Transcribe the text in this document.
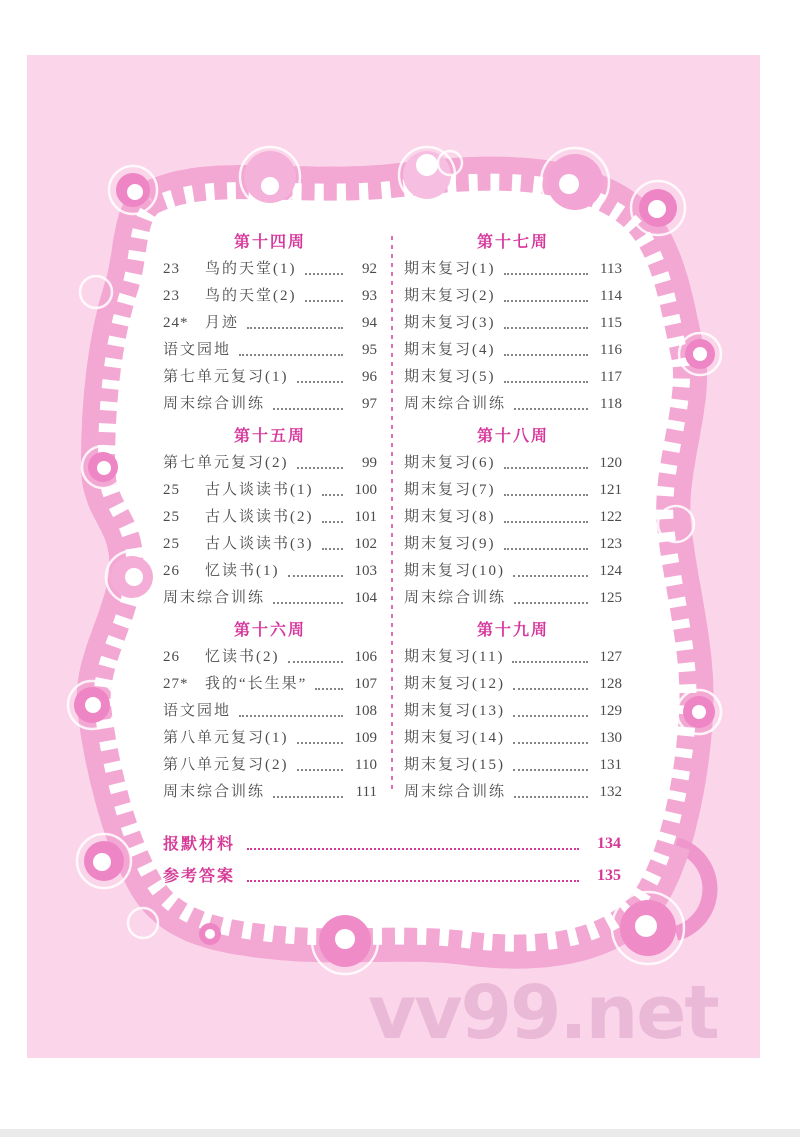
第十四周
23	鸟的天堂(1)	92
23	鸟的天堂(2)	93
24*	月迹	94
语文园地	95
第七单元复习(1)	96
周末综合训练	97
第十五周
第七单元复习(2)	99
25	古人谈读书(1)	100
25	古人谈读书(2)	101
25	古人谈读书(3)	102
26	忆读书(1)	103
周末综合训练	104
第十六周
26	忆读书(2)	106
27*	我的“长生果”	107
语文园地	108
第八单元复习(1)	109
第八单元复习(2)	110
周末综合训练	111
第十七周
期末复习(1)	113
期末复习(2)	114
期末复习(3)	115
期末复习(4)	116
期末复习(5)	117
周末综合训练	118
第十八周
期末复习(6)	120
期末复习(7)	121
期末复习(8)	122
期末复习(9)	123
期末复习(10)	124
周末综合训练	125
第十九周
期末复习(11)	127
期末复习(12)	128
期末复习(13)	129
期末复习(14)	130
期末复习(15)	131
周末综合训练	132
报默材料	134
参考答案	135
vv99.net
